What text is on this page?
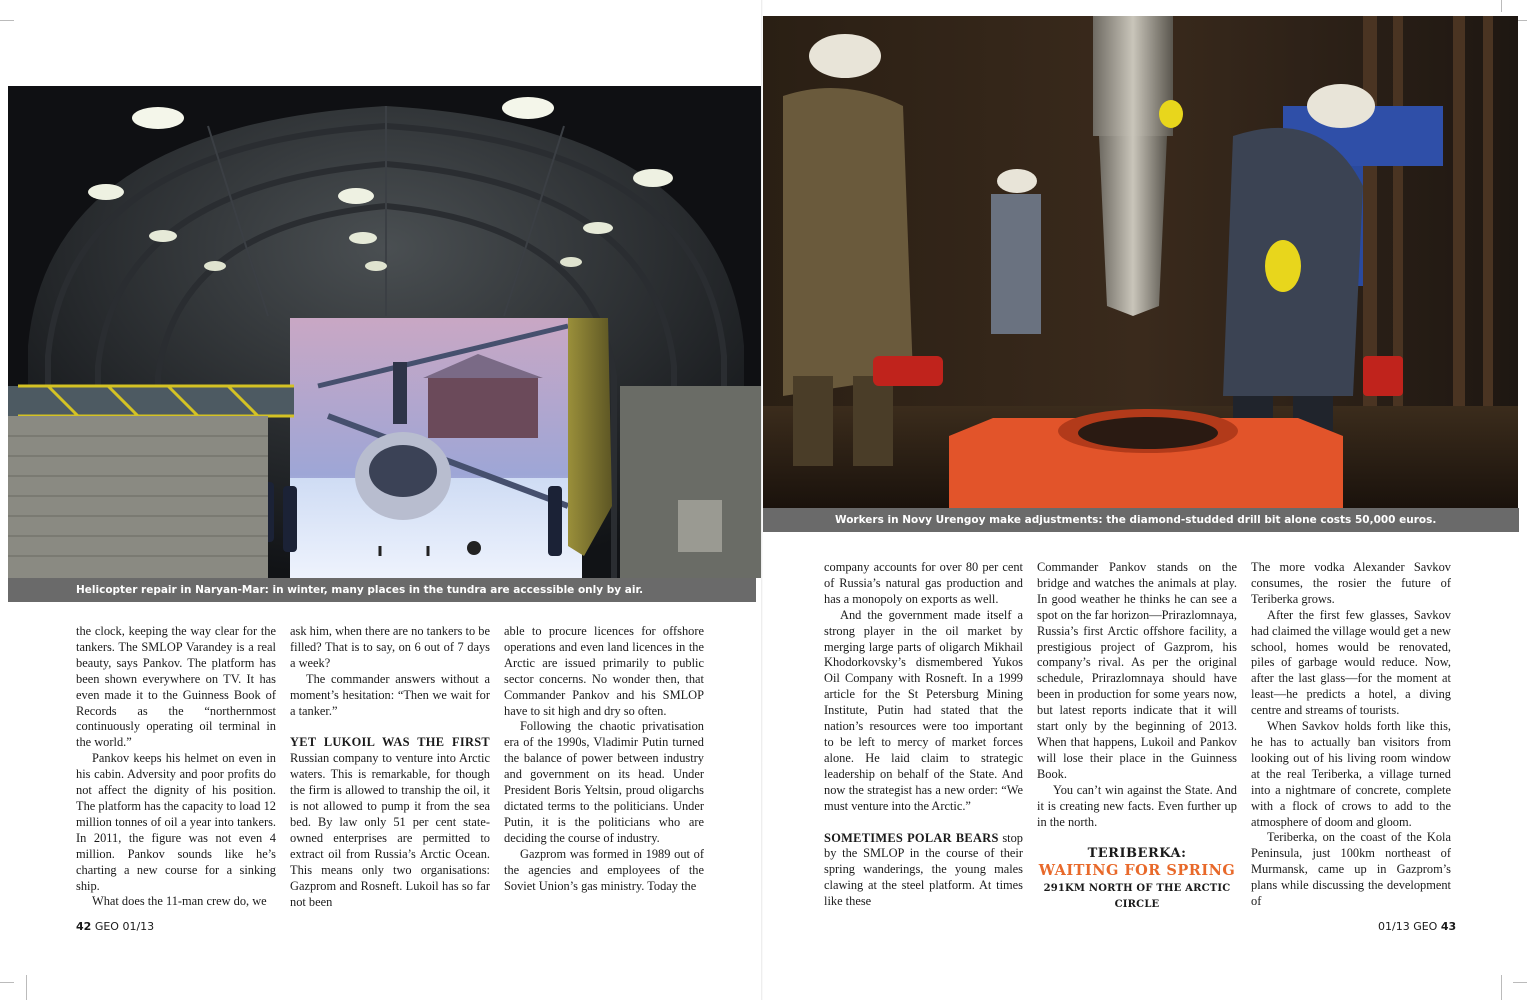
Helicopter repair in Naryan-Mar: in winter, many places in the tundra are accessible only by air.

the clock, keeping the way clear for the tankers. The SMLOP Varandey is a real beauty, says Pankov. The platform has been shown everywhere on TV. It has even made it to the Guinness Book of Records as the “northernmost continuously operating oil terminal in the world.”

Pankov keeps his helmet on even in his cabin. Adversity and poor profits do not affect the dignity of his position. The platform has the capacity to load 12 million tonnes of oil a year into tankers. In 2011, the figure was not even 4 million. Pankov sounds like he’s charting a new course for a sinking ship.

What does the 11-man crew do, we

ask him, when there are no tankers to be filled? That is to say, on 6 out of 7 days a week?

The commander answers without a moment’s hesitation: “Then we wait for a tanker.”

YET LUKOIL WAS THE FIRST Russian company to venture into Arctic waters. This is remarkable, for though the firm is allowed to tranship the oil, it is not allowed to pump it from the sea bed. By law only 51 per cent state-owned enterprises are permitted to extract oil from Russia’s Arctic Ocean. This means only two organisations: Gazprom and Rosneft. Lukoil has so far not been

able to procure licences for offshore operations and even land licences in the Arctic are issued primarily to public sector concerns. No wonder then, that Commander Pankov and his SMLOP have to sit high and dry so often.

Following the chaotic privatisation era of the 1990s, Vladimir Putin turned the balance of power between industry and government on its head. Under President Boris Yeltsin, proud oligarchs dictated terms to the politicians. Under Putin, it is the politicians who are deciding the course of industry.

Gazprom was formed in 1989 out of the agencies and employees of the Soviet Union’s gas ministry. Today the

42 GEO 01/13
Workers in Novy Urengoy make adjustments: the diamond-studded drill bit alone costs 50,000 euros.

company accounts for over 80 per cent of Russia’s natural gas production and has a monopoly on exports as well.

And the government made itself a strong player in the oil market by merging large parts of oligarch Mikhail Khodorkovsky’s dismembered Yukos Oil Company with Rosneft. In a 1999 article for the St Petersburg Mining Institute, Putin had stated that the nation’s resources were too important to be left to mercy of market forces alone. He laid claim to strategic leadership on behalf of the State. And now the strategist has a new order: “We must venture into the Arctic.”

SOMETIMES POLAR BEARS stop by the SMLOP in the course of their spring wanderings, the young males clawing at the steel platform. At times like these

Commander Pankov stands on the bridge and watches the animals at play. In good weather he thinks he can see a spot on the far horizon—Prirazlomnaya, Russia’s first Arctic offshore facility, a prestigious project of Gazprom, his company’s rival. As per the original schedule, Prirazlomnaya should have been in production for some years now, but latest reports indicate that it will start only by the beginning of 2013. When that happens, Lukoil and Pankov will lose their place in the Guinness Book.

You can’t win against the State. And it is creating new facts. Even further up in the north.

TERIBERKA:
WAITING FOR SPRING
291KM NORTH OF THE ARCTIC CIRCLE

The more vodka Alexander Savkov consumes, the rosier the future of Teriberka grows.

After the first few glasses, Savkov had claimed the village would get a new school, homes would be renovated, piles of garbage would reduce. Now, after the last glass—for the moment at least—he predicts a hotel, a diving centre and streams of tourists.

When Savkov holds forth like this, he has to actually ban visitors from looking out of his living room window at the real Teriberka, a village turned into a nightmare of concrete, complete with a flock of crows to add to the atmosphere of doom and gloom.

Teriberka, on the coast of the Kola Peninsula, just 100km northeast of Murmansk, came up in Gazprom’s plans while discussing the development of

01/13 GEO 43
